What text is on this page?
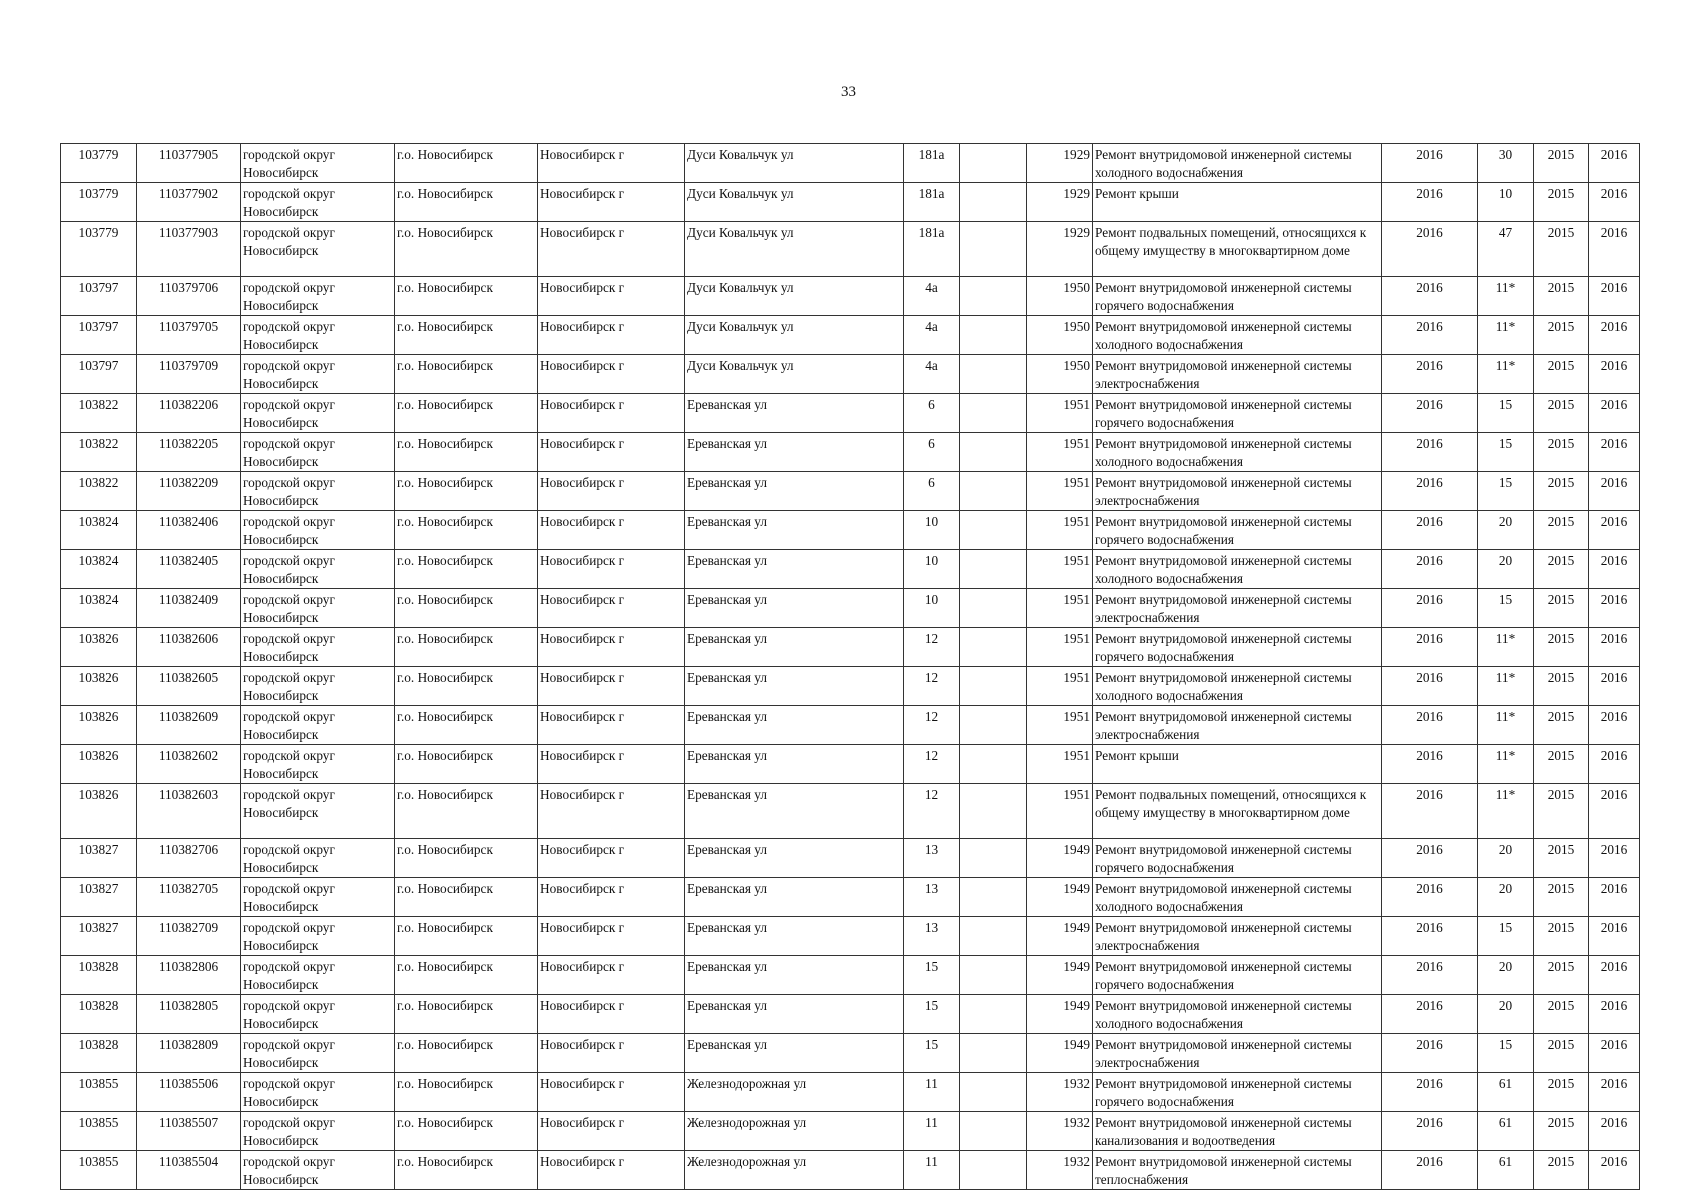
33
103779	110377905	городской округ Новосибирск	г.о. Новосибирск	Новосибирск г	Дуси Ковальчук ул	181а		1929	Ремонт внутридомовой инженерной системы холодного водоснабжения	2016	30	2015	2016
103779	110377902	городской округ Новосибирск	г.о. Новосибирск	Новосибирск г	Дуси Ковальчук ул	181а		1929	Ремонт крыши	2016	10	2015	2016
103779	110377903	городской округ Новосибирск	г.о. Новосибирск	Новосибирск г	Дуси Ковальчук ул	181а		1929	Ремонт подвальных помещений, относящихся к общему имуществу в многоквартирном доме	2016	47	2015	2016
103797	110379706	городской округ Новосибирск	г.о. Новосибирск	Новосибирск г	Дуси Ковальчук ул	4а		1950	Ремонт внутридомовой инженерной системы горячего водоснабжения	2016	11*	2015	2016
103797	110379705	городской округ Новосибирск	г.о. Новосибирск	Новосибирск г	Дуси Ковальчук ул	4а		1950	Ремонт внутридомовой инженерной системы холодного водоснабжения	2016	11*	2015	2016
103797	110379709	городской округ Новосибирск	г.о. Новосибирск	Новосибирск г	Дуси Ковальчук ул	4а		1950	Ремонт внутридомовой инженерной системы электроснабжения	2016	11*	2015	2016
103822	110382206	городской округ Новосибирск	г.о. Новосибирск	Новосибирск г	Ереванская ул	6		1951	Ремонт внутридомовой инженерной системы горячего водоснабжения	2016	15	2015	2016
103822	110382205	городской округ Новосибирск	г.о. Новосибирск	Новосибирск г	Ереванская ул	6		1951	Ремонт внутридомовой инженерной системы холодного водоснабжения	2016	15	2015	2016
103822	110382209	городской округ Новосибирск	г.о. Новосибирск	Новосибирск г	Ереванская ул	6		1951	Ремонт внутридомовой инженерной системы электроснабжения	2016	15	2015	2016
103824	110382406	городской округ Новосибирск	г.о. Новосибирск	Новосибирск г	Ереванская ул	10		1951	Ремонт внутридомовой инженерной системы горячего водоснабжения	2016	20	2015	2016
103824	110382405	городской округ Новосибирск	г.о. Новосибирск	Новосибирск г	Ереванская ул	10		1951	Ремонт внутридомовой инженерной системы холодного водоснабжения	2016	20	2015	2016
103824	110382409	городской округ Новосибирск	г.о. Новосибирск	Новосибирск г	Ереванская ул	10		1951	Ремонт внутридомовой инженерной системы электроснабжения	2016	15	2015	2016
103826	110382606	городской округ Новосибирск	г.о. Новосибирск	Новосибирск г	Ереванская ул	12		1951	Ремонт внутридомовой инженерной системы горячего водоснабжения	2016	11*	2015	2016
103826	110382605	городской округ Новосибирск	г.о. Новосибирск	Новосибирск г	Ереванская ул	12		1951	Ремонт внутридомовой инженерной системы холодного водоснабжения	2016	11*	2015	2016
103826	110382609	городской округ Новосибирск	г.о. Новосибирск	Новосибирск г	Ереванская ул	12		1951	Ремонт внутридомовой инженерной системы электроснабжения	2016	11*	2015	2016
103826	110382602	городской округ Новосибирск	г.о. Новосибирск	Новосибирск г	Ереванская ул	12		1951	Ремонт крыши	2016	11*	2015	2016
103826	110382603	городской округ Новосибирск	г.о. Новосибирск	Новосибирск г	Ереванская ул	12		1951	Ремонт подвальных помещений, относящихся к общему имуществу в многоквартирном доме	2016	11*	2015	2016
103827	110382706	городской округ Новосибирск	г.о. Новосибирск	Новосибирск г	Ереванская ул	13		1949	Ремонт внутридомовой инженерной системы горячего водоснабжения	2016	20	2015	2016
103827	110382705	городской округ Новосибирск	г.о. Новосибирск	Новосибирск г	Ереванская ул	13		1949	Ремонт внутридомовой инженерной системы холодного водоснабжения	2016	20	2015	2016
103827	110382709	городской округ Новосибирск	г.о. Новосибирск	Новосибирск г	Ереванская ул	13		1949	Ремонт внутридомовой инженерной системы электроснабжения	2016	15	2015	2016
103828	110382806	городской округ Новосибирск	г.о. Новосибирск	Новосибирск г	Ереванская ул	15		1949	Ремонт внутридомовой инженерной системы горячего водоснабжения	2016	20	2015	2016
103828	110382805	городской округ Новосибирск	г.о. Новосибирск	Новосибирск г	Ереванская ул	15		1949	Ремонт внутридомовой инженерной системы холодного водоснабжения	2016	20	2015	2016
103828	110382809	городской округ Новосибирск	г.о. Новосибирск	Новосибирск г	Ереванская ул	15		1949	Ремонт внутридомовой инженерной системы электроснабжения	2016	15	2015	2016
103855	110385506	городской округ Новосибирск	г.о. Новосибирск	Новосибирск г	Железнодорожная ул	11		1932	Ремонт внутридомовой инженерной системы горячего водоснабжения	2016	61	2015	2016
103855	110385507	городской округ Новосибирск	г.о. Новосибирск	Новосибирск г	Железнодорожная ул	11		1932	Ремонт внутридомовой инженерной системы канализования и водоотведения	2016	61	2015	2016
103855	110385504	городской округ Новосибирск	г.о. Новосибирск	Новосибирск г	Железнодорожная ул	11		1932	Ремонт внутридомовой инженерной системы теплоснабжения	2016	61	2015	2016
